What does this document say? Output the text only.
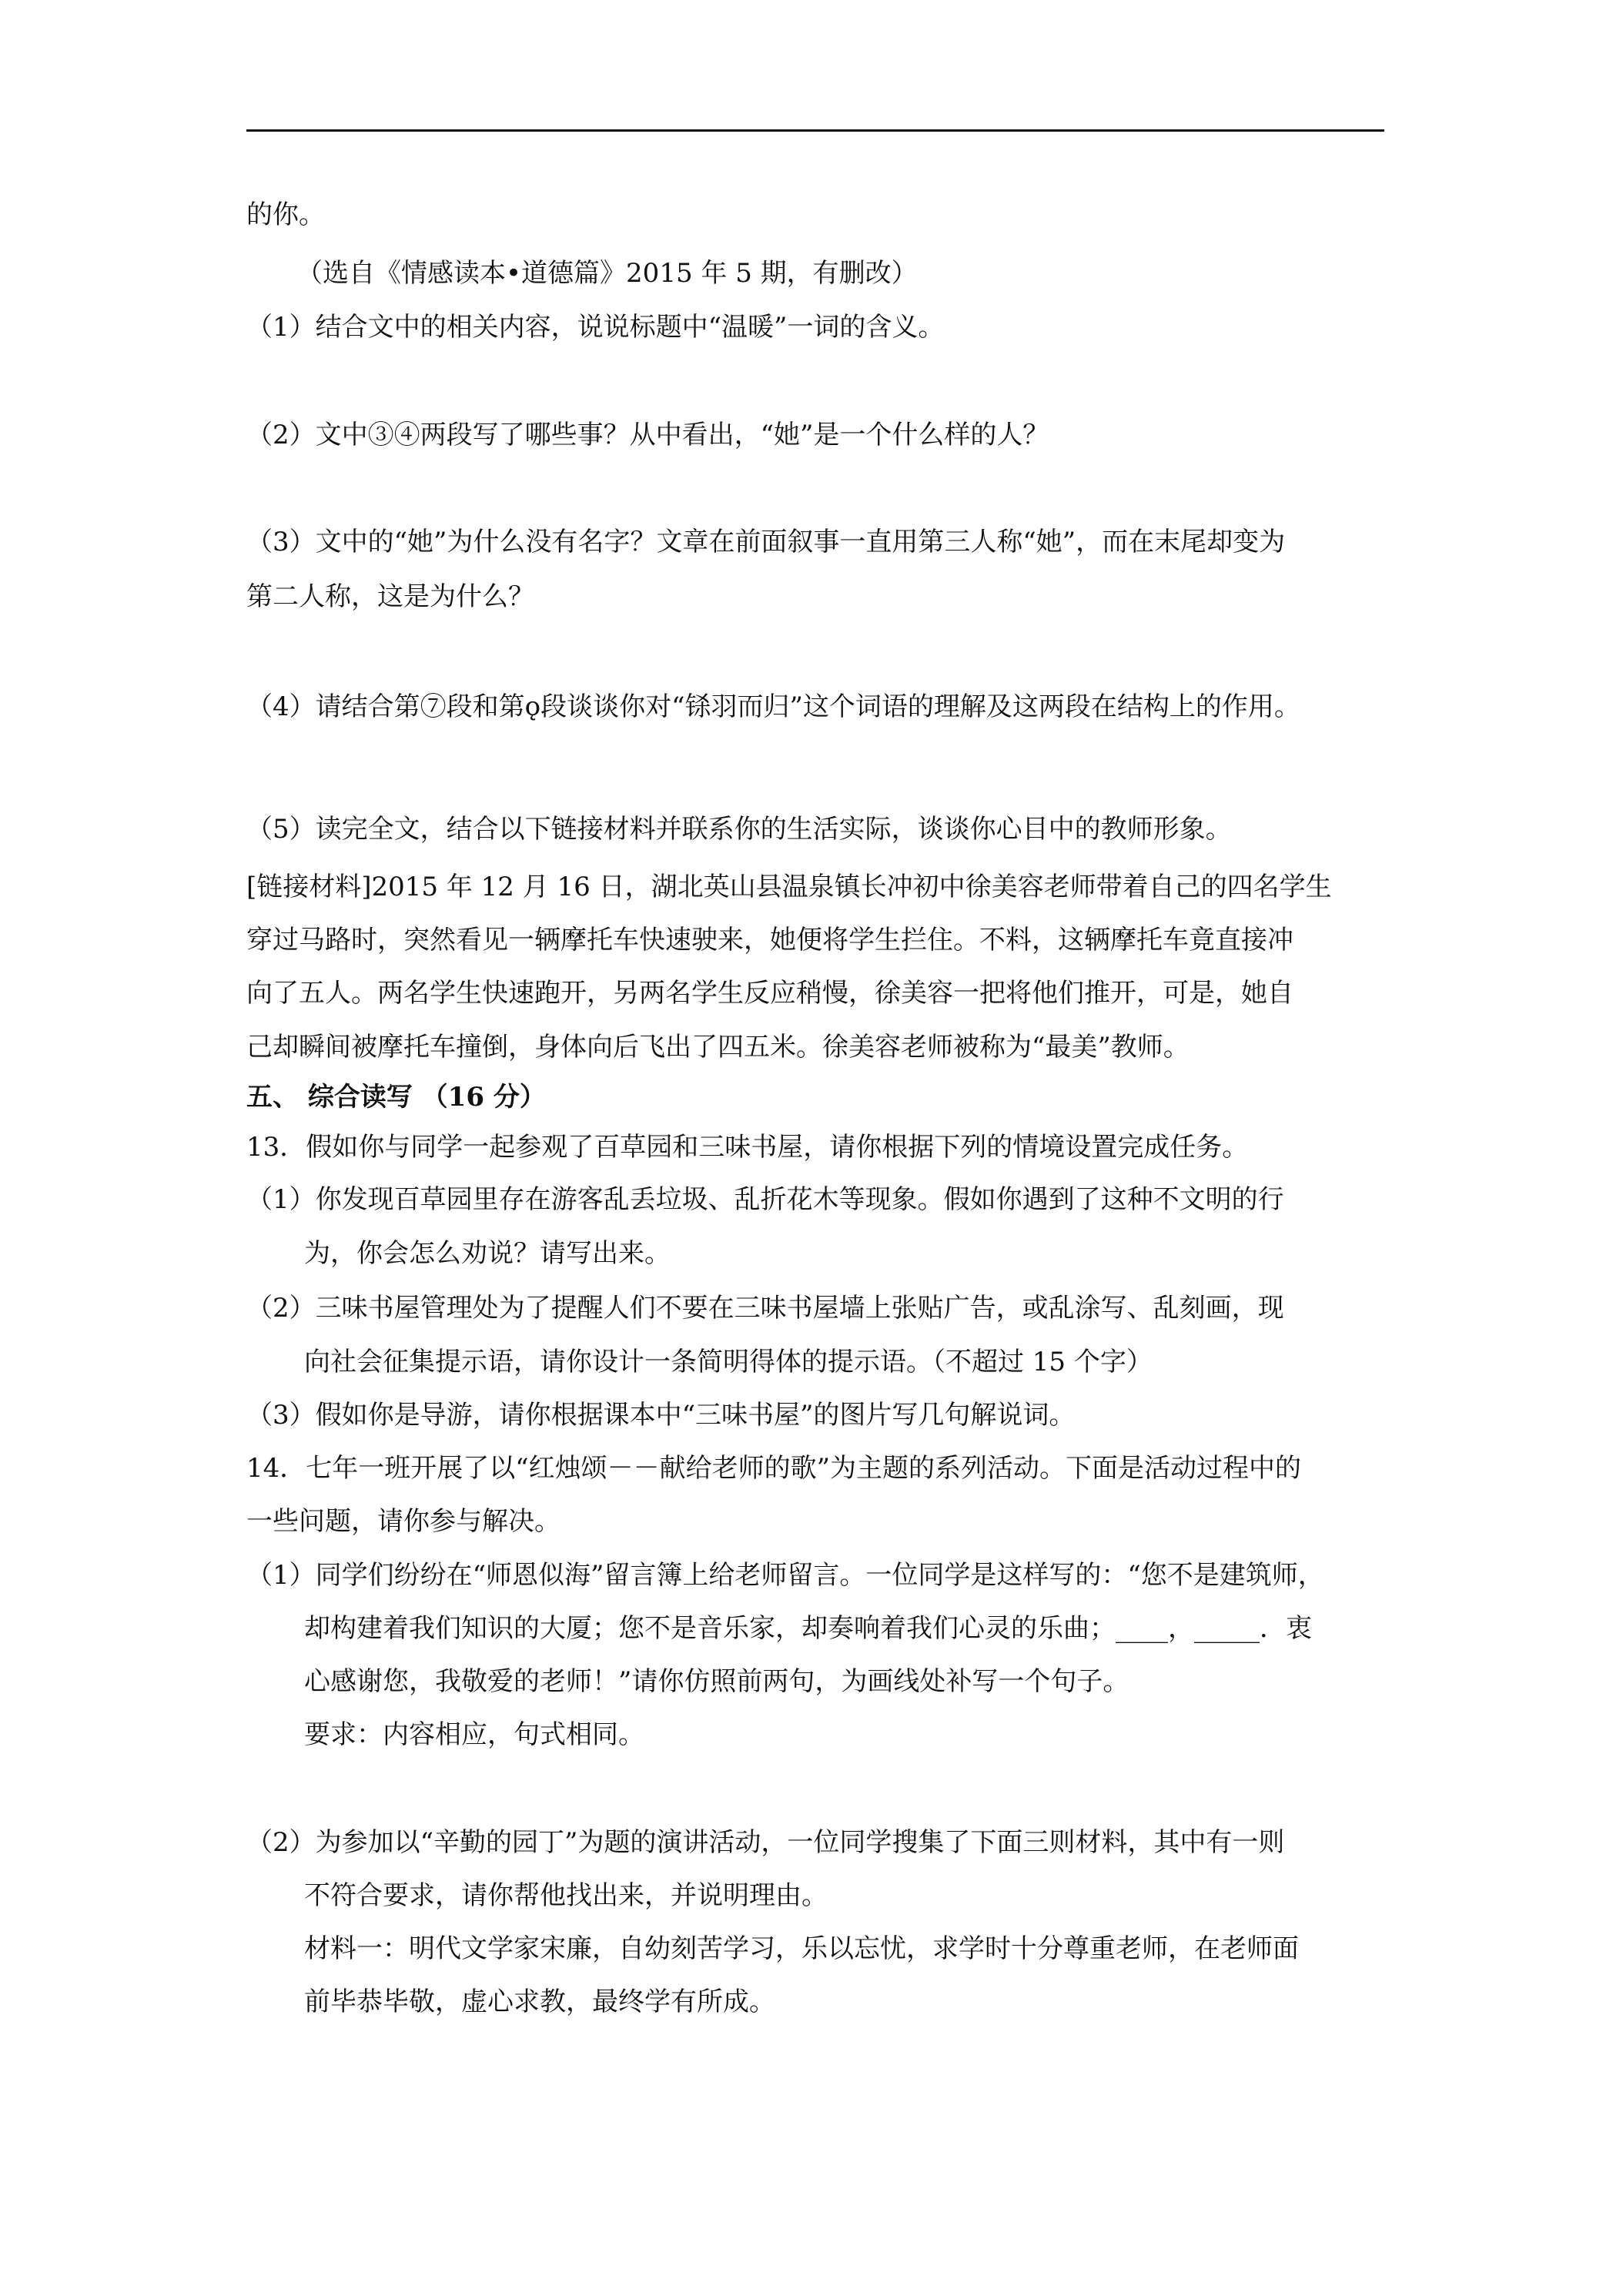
的你。
（选自《情感读本•道德篇》2015 年 5 期，有删改）
（1）结合文中的相关内容，说说标题中“温暖”一词的含义。
（2）文中③④两段写了哪些事？从中看出，“她”是一个什么样的人？
（3）文中的“她”为什么没有名字？文章在前面叙事一直用第三人称“她”，而在末尾却变为
第二人称，这是为什么？
（4）请结合第⑦段和第ǫ段谈谈你对“铩羽而归”这个词语的理解及这两段在结构上的作用。
（5）读完全文，结合以下链接材料并联系你的生活实际，谈谈你心目中的教师形象。
[链接材料]2015 年 12 月 16 日，湖北英山县温泉镇长冲初中徐美容老师带着自己的四名学生
穿过马路时，突然看见一辆摩托车快速驶来，她便将学生拦住。不料，这辆摩托车竟直接冲
向了五人。两名学生快速跑开，另两名学生反应稍慢，徐美容一把将他们推开，可是，她自
己却瞬间被摩托车撞倒，身体向后飞出了四五米。徐美容老师被称为“最美”教师。
五、 综合读写 （16 分）
13．假如你与同学一起参观了百草园和三味书屋，请你根据下列的情境设置完成任务。
（1）你发现百草园里存在游客乱丢垃圾、乱折花木等现象。假如你遇到了这种不文明的行
为，你会怎么劝说？请写出来。
（2）三味书屋管理处为了提醒人们不要在三味书屋墙上张贴广告，或乱涂写、乱刻画，现
向社会征集提示语，请你设计一条简明得体的提示语。（不超过 15 个字）
（3）假如你是导游，请你根据课本中“三味书屋”的图片写几句解说词。
14．七年一班开展了以“红烛颂－－献给老师的歌”为主题的系列活动。下面是活动过程中的
一些问题，请你参与解决。
（1）同学们纷纷在“师恩似海”留言簿上给老师留言。一位同学是这样写的：“您不是建筑师，
却构建着我们知识的大厦；您不是音乐家，却奏响着我们心灵的乐曲；____，_____．衷
心感谢您，我敬爱的老师！”请你仿照前两句，为画线处补写一个句子。
要求：内容相应，句式相同。
（2）为参加以“辛勤的园丁”为题的演讲活动，一位同学搜集了下面三则材料，其中有一则
不符合要求，请你帮他找出来，并说明理由。
材料一：明代文学家宋廉，自幼刻苦学习，乐以忘忧，求学时十分尊重老师，在老师面
前毕恭毕敬，虚心求教，最终学有所成。
